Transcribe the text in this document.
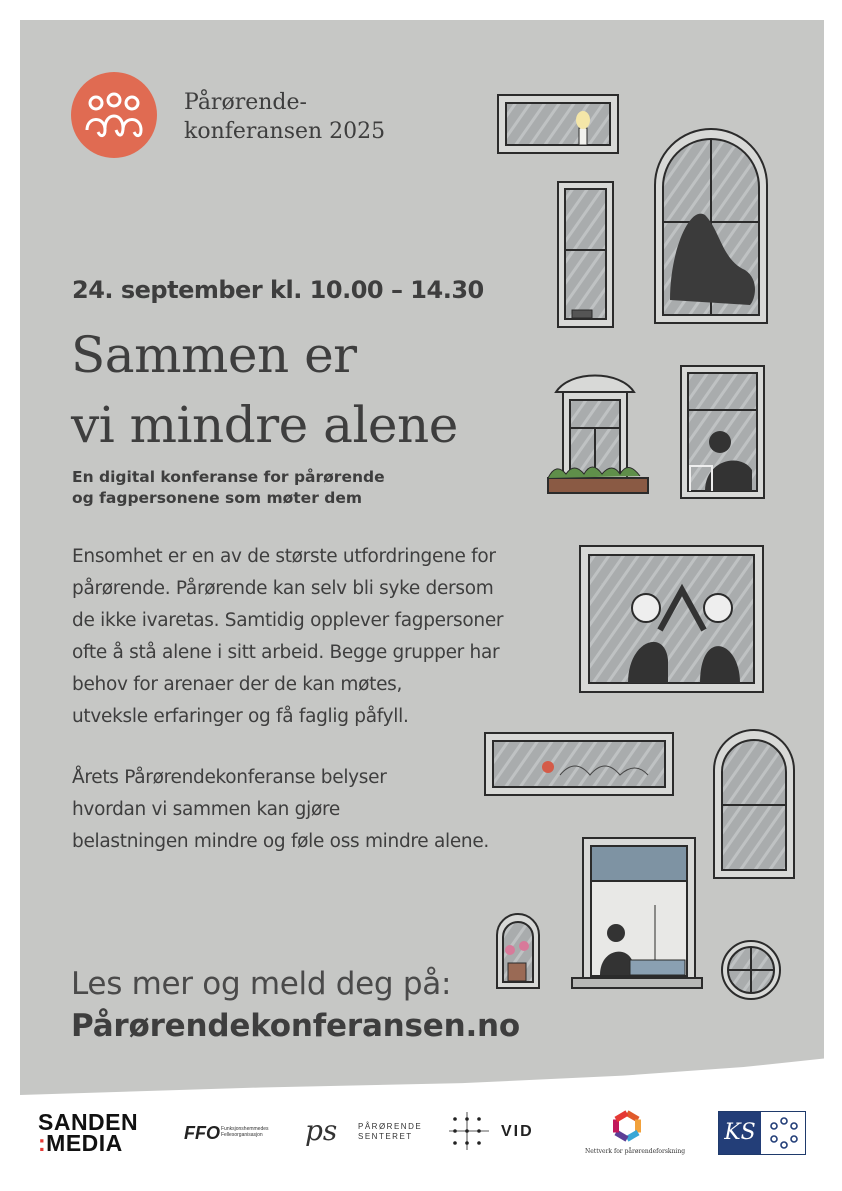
Pårørende-
konferansen 2025
24. september kl. 10.00 – 14.30
Sammen er
vi mindre alene
En digital konferanse for pårørende
og fagpersonene som møter dem

Ensomhet er en av de største utfordringene for
pårørende. Pårørende kan selv bli syke dersom
de ikke ivaretas. Samtidig opplever fagpersoner
ofte å stå alene i sitt arbeid. Begge grupper har
behov for arenaer der de kan møtes,
utveksle erfaringer og få faglig påfyll.

Årets Pårørendekonferanse belyser
hvordan vi sammen kan gjøre
belastningen mindre og føle oss mindre alene.

Les mer og meld deg på:
Pårørendekonferansen.no
SANDEN
:MEDIA	FFO Funksjonshemmedes Fellesorganisasjon	ps	PÅRØRENDE
SENTERET	VID
Nettverk for pårørendeforskning
KS
